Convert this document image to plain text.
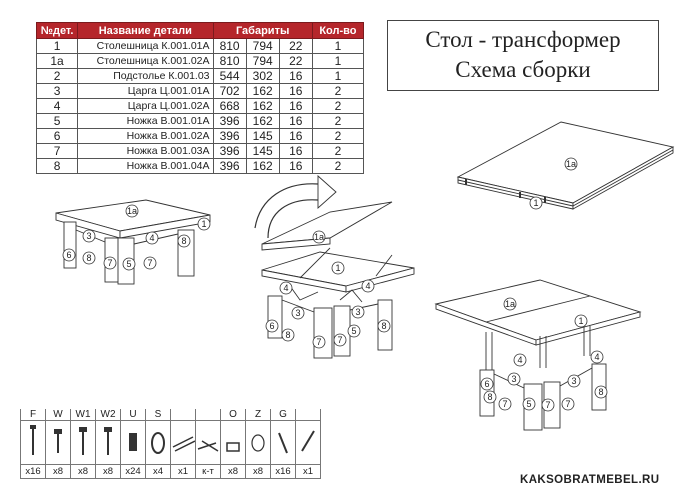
№дет.	Название детали	Габариты			Кол-во
1	Столешница К.001.01А	810	794	22	1
1а	Столешница К.001.02А	810	794	22	1
2	Подстолье К.001.03	544	302	16	1
3	Царга Ц.001.01А	702	162	16	2
4	Царга Ц.001.02А	668	162	16	2
5	Ножка В.001.01А	396	162	16	2
6	Ножка В.001.02А	396	145	16	2
7	Ножка В.001.03А	396	145	16	2
8	Ножка В.001.04А	396	162	16	2
Стол - трансформер
Схема сборки
1а
1
1а
1
3	4	8
6 8 7 5 7
1а
1
4	4
3	3
6
8	5
7 7
8
1а
1
4	4
3	3
6
8
7 5	7
7
8
F	W	W1	W2	U	S			O	Z	G	

x16	x8	x8	x8	x24	x4	x1	к-т	x8	x8	x16	x1
KAKSOBRATMEBEL.RU
